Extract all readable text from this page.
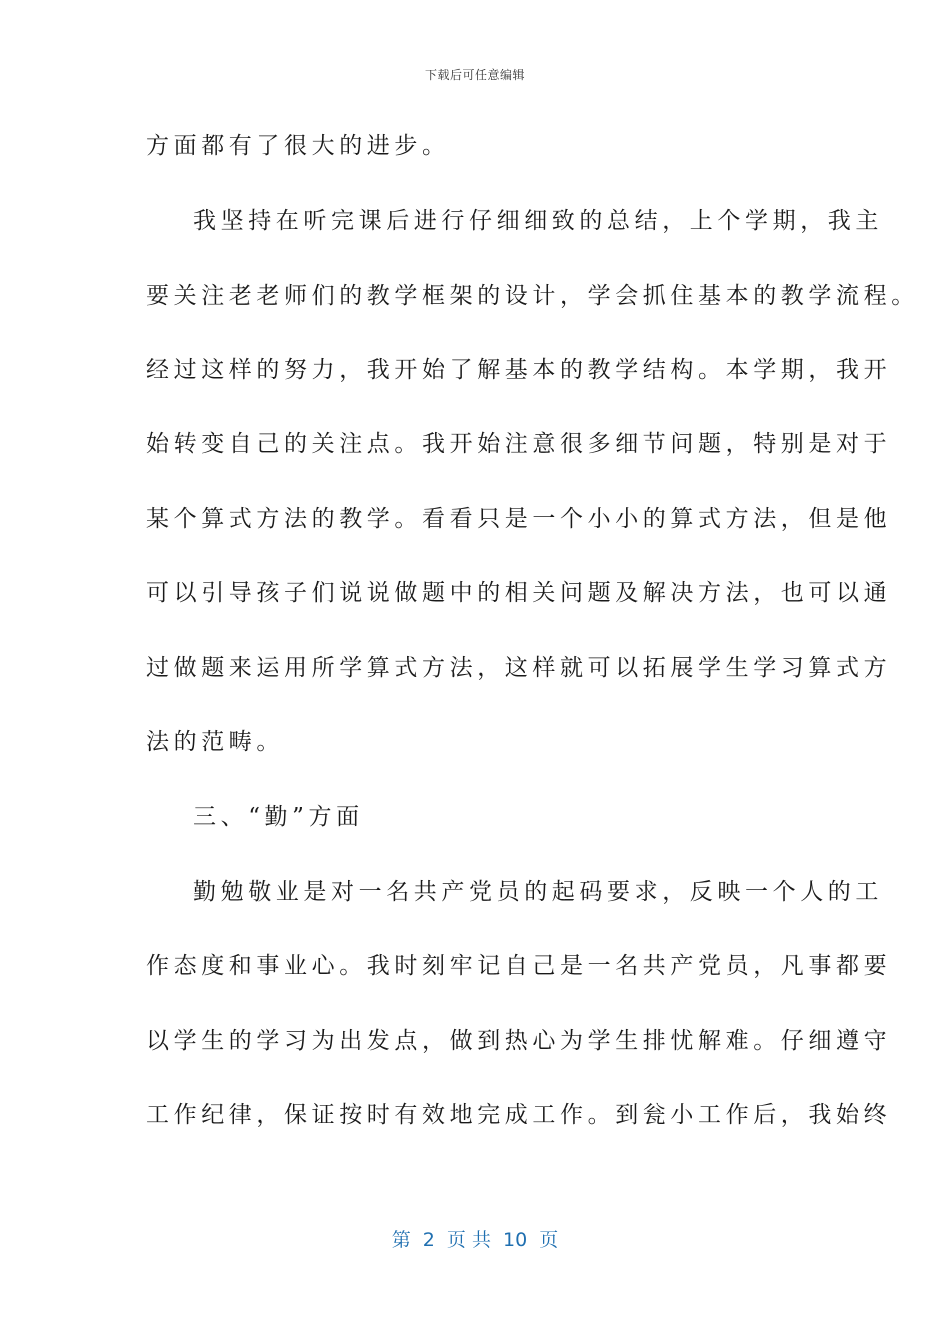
下载后可任意编辑
方面都有了很大的进步。
我坚持在听完课后进行仔细细致的总结，上个学期，我主
要关注老老师们的教学框架的设计，学会抓住基本的教学流程。
经过这样的努力，我开始了解基本的教学结构。本学期，我开
始转变自己的关注点。我开始注意很多细节问题，特别是对于
某个算式方法的教学。看看只是一个小小的算式方法，但是他
可以引导孩子们说说做题中的相关问题及解决方法，也可以通
过做题来运用所学算式方法，这样就可以拓展学生学习算式方
法的范畴。
三、“勤”方面
勤勉敬业是对一名共产党员的起码要求，反映一个人的工
作态度和事业心。我时刻牢记自己是一名共产党员，凡事都要
以学生的学习为出发点，做到热心为学生排忧解难。仔细遵守
工作纪律，保证按时有效地完成工作。到瓮小工作后，我始终
第  2  页 共  10  页
